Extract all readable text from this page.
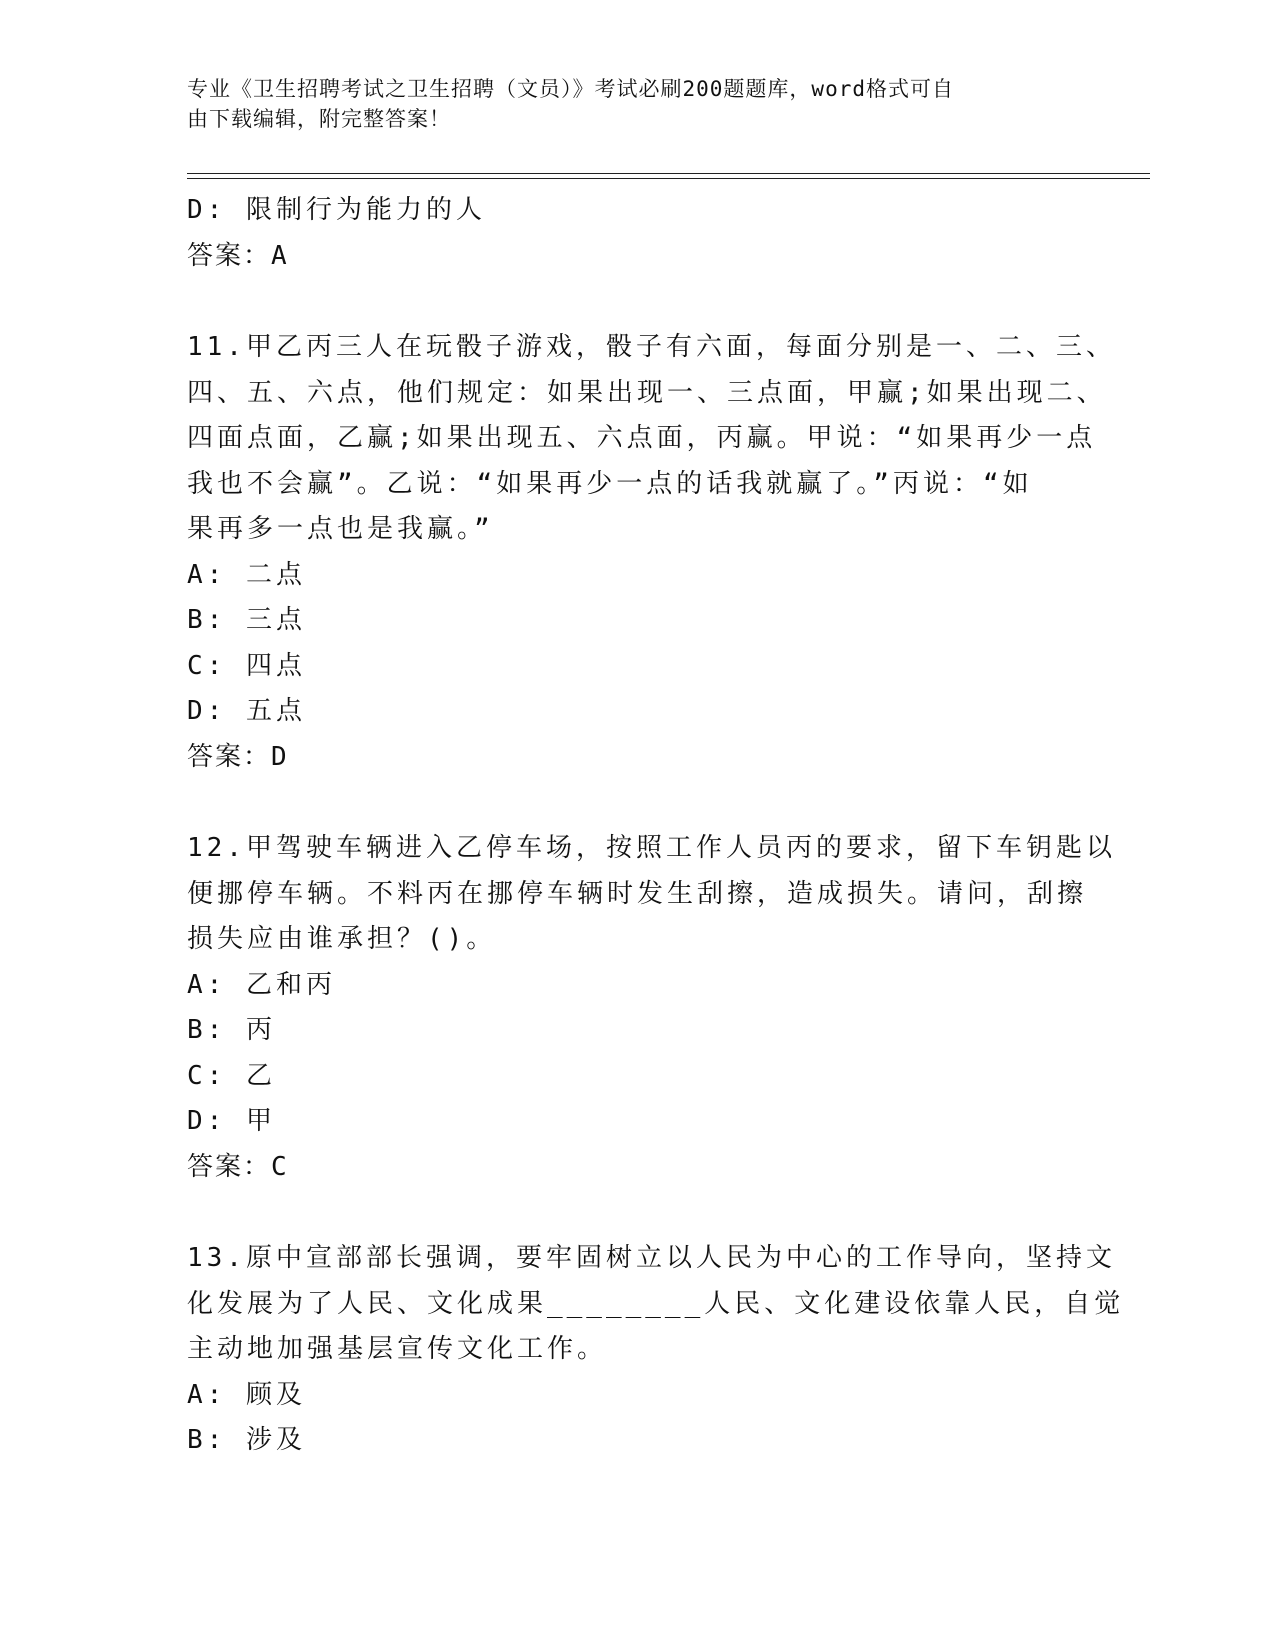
专业《卫生招聘考试之卫生招聘（文员）》考试必刷200题题库，word格式可自
由下载编辑，附完整答案！
D: 限制行为能力的人
答案：A
11.甲乙丙三人在玩骰子游戏，骰子有六面，每面分别是一、二、三、
四、五、六点，他们规定：如果出现一、三点面，甲赢;如果出现二、
四面点面，乙赢;如果出现五、六点面，丙赢。甲说：“如果再少一点
我也不会赢”。乙说：“如果再少一点的话我就赢了。”丙说：“如
果再多一点也是我赢。”
A: 二点
B: 三点
C: 四点
D: 五点
答案：D
12.甲驾驶车辆进入乙停车场，按照工作人员丙的要求，留下车钥匙以
便挪停车辆。不料丙在挪停车辆时发生刮擦，造成损失。请问，刮擦
损失应由谁承担？()。
A: 乙和丙
B: 丙
C: 乙
D: 甲
答案：C
13.原中宣部部长强调，要牢固树立以人民为中心的工作导向，坚持文
化发展为了人民、文化成果________人民、文化建设依靠人民，自觉
主动地加强基层宣传文化工作。
A: 顾及
B: 涉及
